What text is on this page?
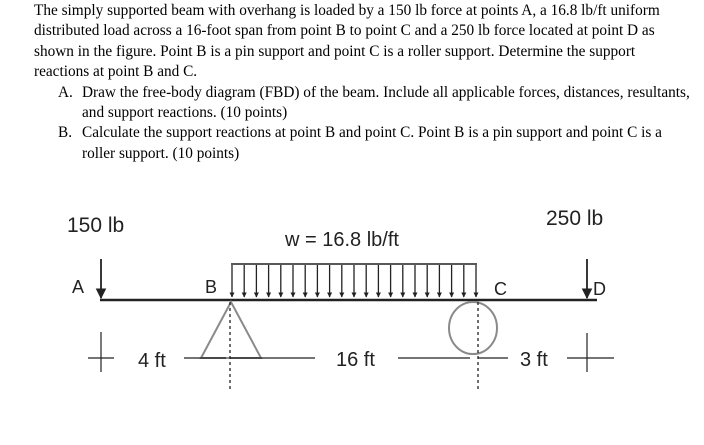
The simply supported beam with overhang is loaded by a 150 lb force at points A, a 16.8 lb/ft uniform distributed load across a 16-foot span from point B to point C and a 250 lb force located at point D as shown in the figure. Point B is a pin support and point C is a roller support. Determine the support reactions at point B and C.

A. Draw the free-body diagram (FBD) of the beam. Include all applicable forces, distances, resultants, and support reactions. (10 points)
B. Calculate the support reactions at point B and point C. Point B is a pin support and point C is a roller support. (10 points)
150 lb
A
250 lb
D
w = 16.8 lb/ft
B	C
4 ft	16 ft	3 ft
